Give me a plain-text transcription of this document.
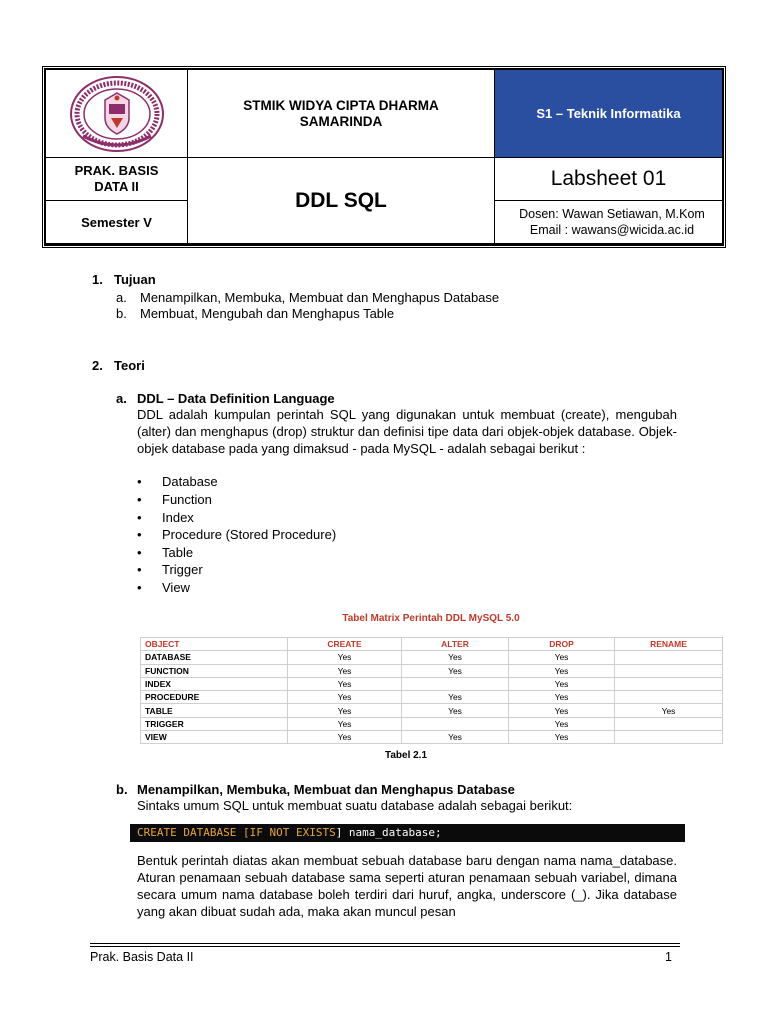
STMIK WIDYA CIPTA DHARMA
SAMARINDA	S1 – Teknik Informatika
PRAK. BASIS
DATA II
Semester V
DDL SQL
Labsheet 01
Dosen: Wawan Setiawan, M.Kom
Email : wawans@wicida.ac.id
1. Tujuan
a. Menampilkan, Membuka, Membuat dan Menghapus Database
b. Membuat, Mengubah dan Menghapus Table
2. Teori
a. DDL – Data Definition Language
DDL adalah kumpulan perintah SQL yang digunakan untuk membuat (create), mengubah (alter) dan menghapus (drop) struktur dan definisi tipe data dari objek-objek database. Objek-objek database pada yang dimaksud - pada MySQL - adalah sebagai berikut :
•	Database
•	Function
•	Index
•	Procedure (Stored Procedure)
•	Table
•	Trigger
•	View
Tabel Matrix Perintah DDL MySQL 5.0
OBJECT	CREATE	ALTER	DROP	RENAME
DATABASE	Yes	Yes	Yes	
FUNCTION	Yes	Yes	Yes	
INDEX	Yes		Yes	
PROCEDURE	Yes	Yes	Yes	
TABLE	Yes	Yes	Yes	Yes
TRIGGER	Yes		Yes	
VIEW	Yes	Yes	Yes	
Tabel 2.1
b. Menampilkan, Membuka, Membuat dan Menghapus Database
Sintaks umum SQL untuk membuat suatu database adalah sebagai berikut:
CREATE DATABASE [IF NOT EXISTS] nama_database;
Bentuk perintah diatas akan membuat sebuah database baru dengan nama nama_database. Aturan penamaan sebuah database sama seperti aturan penamaan sebuah variabel, dimana secara umum nama database boleh terdiri dari huruf, angka, underscore (_). Jika database yang akan dibuat sudah ada, maka akan muncul pesan
Prak. Basis Data II	1
